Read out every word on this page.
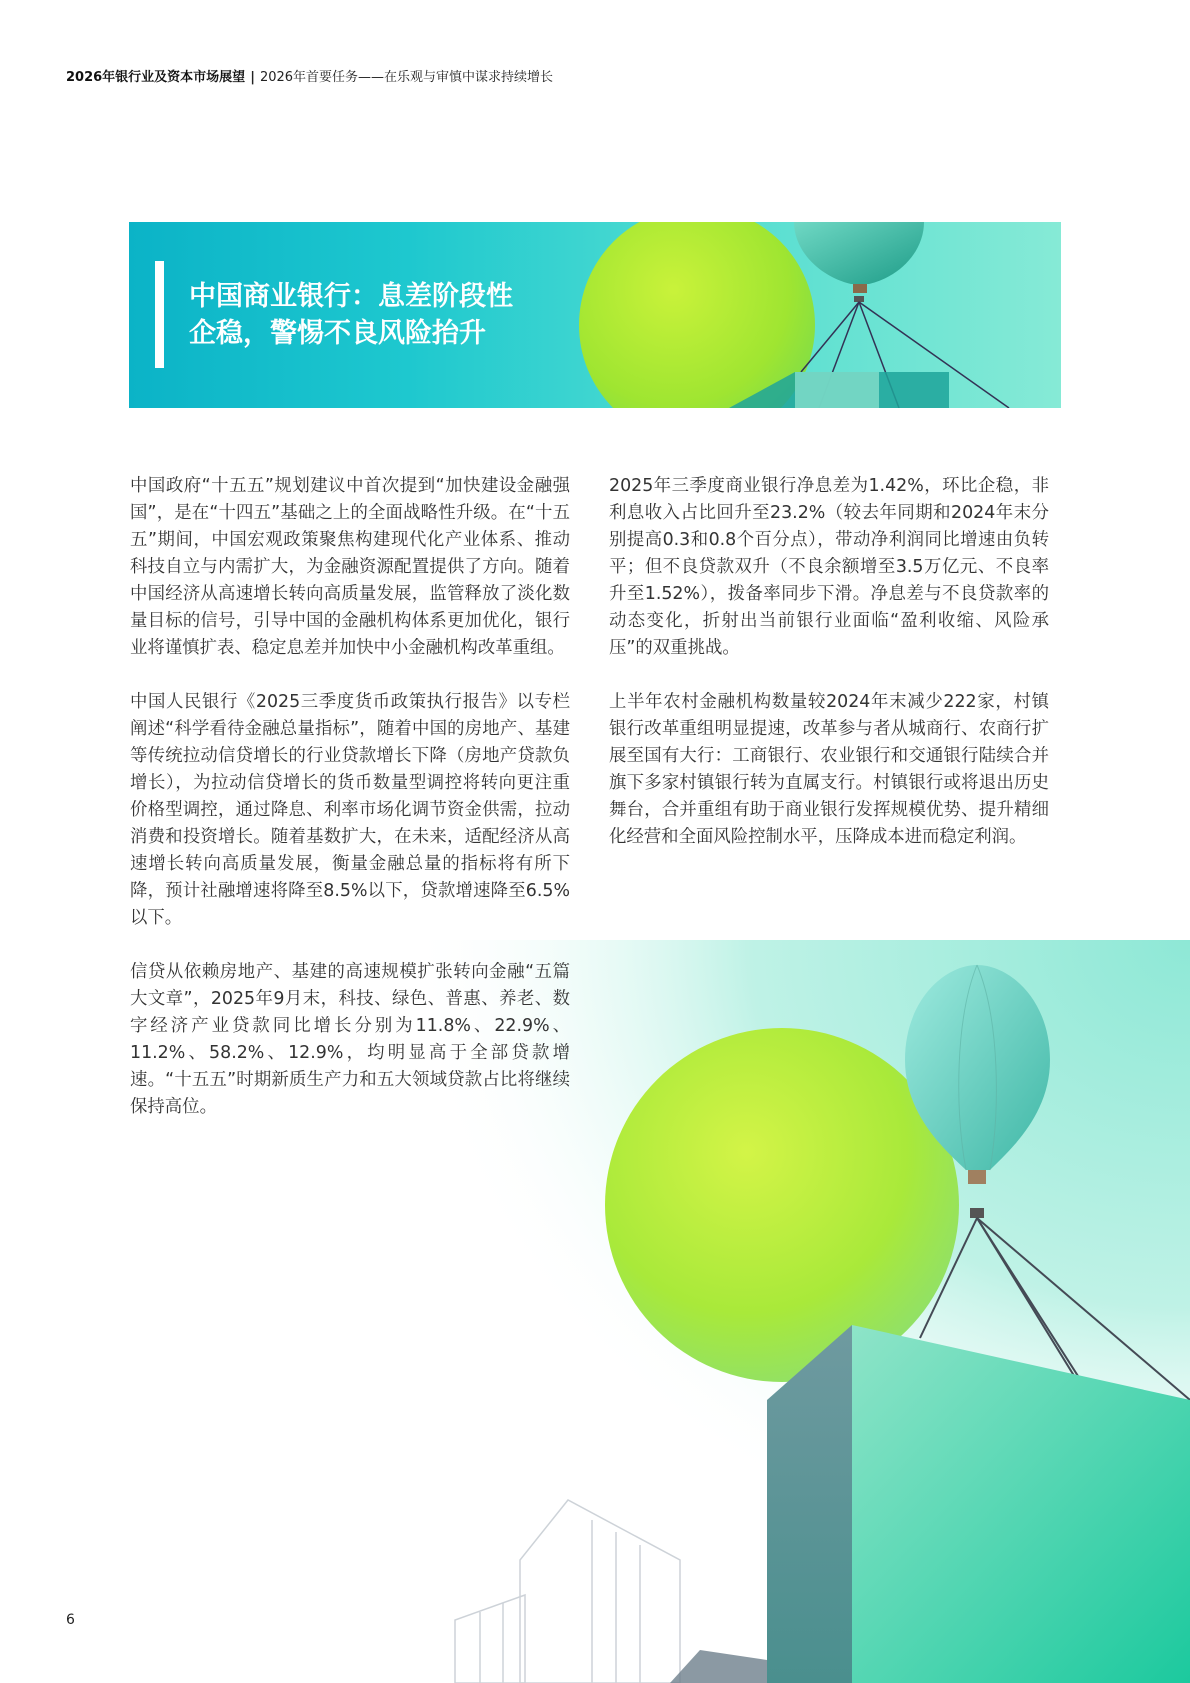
2026年银行业及资本市场展望 | 2026年首要任务——在乐观与审慎中谋求持续增长
中国商业银行：息差阶段性
企稳，警惕不良风险抬升

中国政府“十五五”规划建议中首次提到“加快建设金融强国”，是在“十四五”基础之上的全面战略性升级。在“十五五”期间，中国宏观政策聚焦构建现代化产业体系、推动科技自立与内需扩大，为金融资源配置提供了方向。随着中国经济从高速增长转向高质量发展，监管释放了淡化数量目标的信号，引导中国的金融机构体系更加优化，银行业将谨慎扩表、稳定息差并加快中小金融机构改革重组。

中国人民银行《2025三季度货币政策执行报告》以专栏阐述“科学看待金融总量指标”，随着中国的房地产、基建等传统拉动信贷增长的行业贷款增长下降（房地产贷款负增长），为拉动信贷增长的货币数量型调控将转向更注重价格型调控，通过降息、利率市场化调节资金供需，拉动消费和投资增长。随着基数扩大，在未来，适配经济从高速增长转向高质量发展，衡量金融总量的指标将有所下降，预计社融增速将降至8.5%以下，贷款增速降至6.5%以下。

信贷从依赖房地产、基建的高速规模扩张转向金融“五篇大文章”，2025年9月末，科技、绿色、普惠、养老、数字经济产业贷款同比增长分别为11.8%、22.9%、11.2%、58.2%、12.9%，均明显高于全部贷款增速。“十五五”时期新质生产力和五大领域贷款占比将继续保持高位。

2025年三季度商业银行净息差为1.42%，环比企稳，非利息收入占比回升至23.2%（较去年同期和2024年末分别提高0.3和0.8个百分点），带动净利润同比增速由负转平；但不良贷款双升（不良余额增至3.5万亿元、不良率升至1.52%），拨备率同步下滑。净息差与不良贷款率的动态变化，折射出当前银行业面临“盈利收缩、风险承压”的双重挑战。

上半年农村金融机构数量较2024年末减少222家，村镇银行改革重组明显提速，改革参与者从城商行、农商行扩展至国有大行：工商银行、农业银行和交通银行陆续合并旗下多家村镇银行转为直属支行。村镇银行或将退出历史舞台，合并重组有助于商业银行发挥规模优势、提升精细化经营和全面风险控制水平，压降成本进而稳定利润。

6
